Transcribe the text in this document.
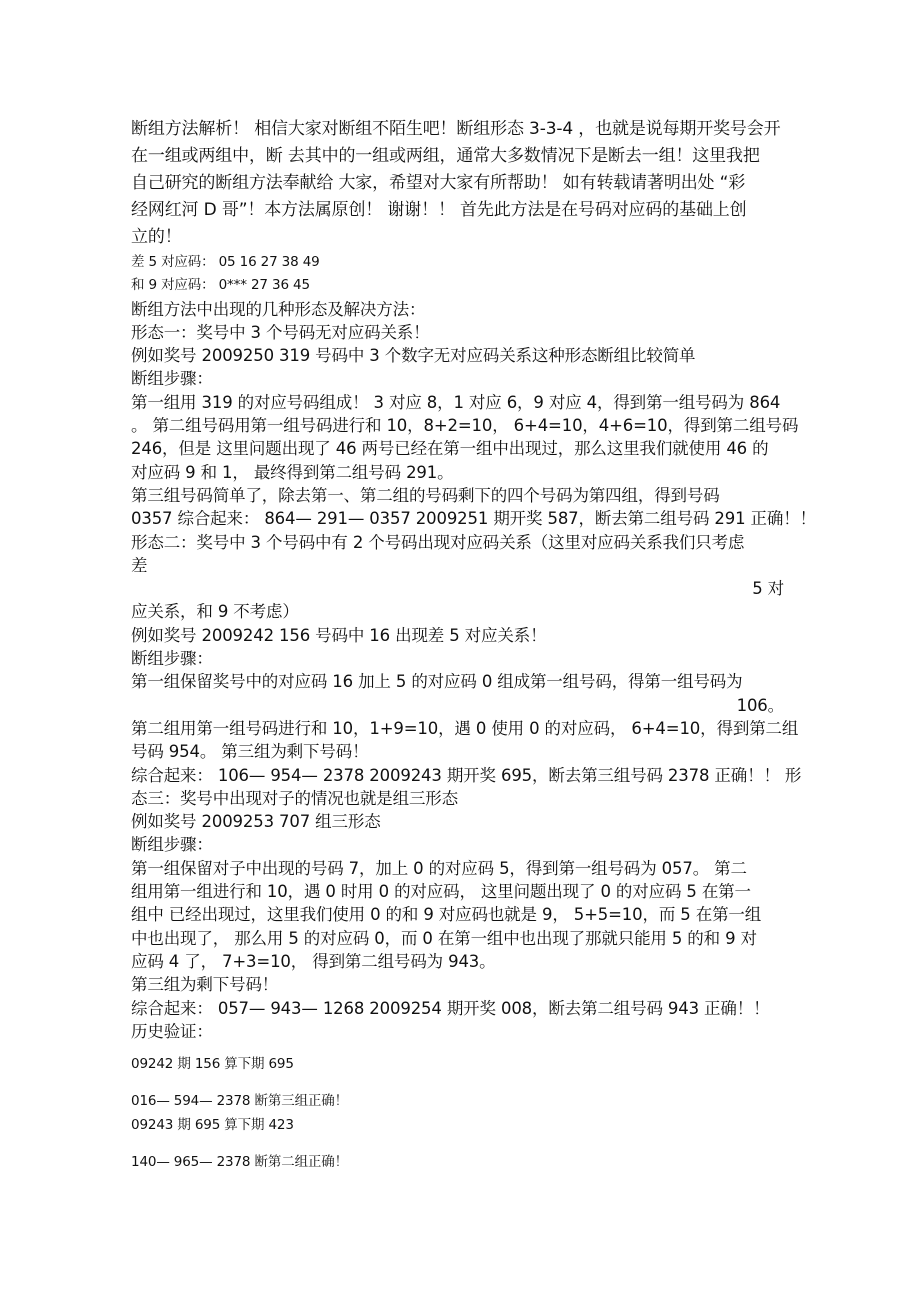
断组方法解析！ 相信大家对断组不陌生吧！断组形态 3-3-4 ，也就是说每期开奖号会开
在一组或两组中，断 去其中的一组或两组，通常大多数情况下是断去一组！这里我把
自己研究的断组方法奉献给 大家，希望对大家有所帮助！ 如有转载请著明出处 “彩
经网红河 D 哥”！本方法属原创！ 谢谢！！ 首先此方法是在号码对应码的基础上创
立的！
差 5 对应码： 05 16 27 38 49
和 9 对应码： 0*** 27 36 45
断组方法中出现的几种形态及解决方法：
形态一：奖号中 3 个号码无对应码关系！
例如奖号 2009250 319 号码中 3 个数字无对应码关系这种形态断组比较简单
断组步骤：
第一组用 319 的对应号码组成！ 3 对应 8，1 对应 6，9 对应 4，得到第一组号码为 864
。 第二组号码用第一组号码进行和 10，8+2=10， 6+4=10，4+6=10，得到第二组号码
246，但是 这里问题出现了 46 两号已经在第一组中出现过，那么这里我们就使用 46 的
对应码 9 和 1， 最终得到第二组号码 291。
第三组号码简单了，除去第一、第二组的号码剩下的四个号码为第四组，得到号码
0357 综合起来： 864— 291— 0357 2009251 期开奖 587，断去第二组号码 291 正确！！
形态二：奖号中 3 个号码中有 2 个号码出现对应码关系（这里对应码关系我们只考虑
差
5 对
应关系，和 9 不考虑）
例如奖号 2009242 156 号码中 16 出现差 5 对应关系！
断组步骤：
第一组保留奖号中的对应码 16 加上 5 的对应码 0 组成第一组号码，得第一组号码为
106。
第二组用第一组号码进行和 10，1+9=10，遇 0 使用 0 的对应码， 6+4=10，得到第二组
号码 954。 第三组为剩下号码！
综合起来： 106— 954— 2378 2009243 期开奖 695，断去第三组号码 2378 正确！！ 形
态三：奖号中出现对子的情况也就是组三形态
例如奖号 2009253 707 组三形态
断组步骤：
第一组保留对子中出现的号码 7，加上 0 的对应码 5，得到第一组号码为 057。 第二
组用第一组进行和 10，遇 0 时用 0 的对应码， 这里问题出现了 0 的对应码 5 在第一
组中 已经出现过，这里我们使用 0 的和 9 对应码也就是 9， 5+5=10，而 5 在第一组
中也出现了， 那么用 5 的对应码 0，而 0 在第一组中也出现了那就只能用 5 的和 9 对
应码 4 了， 7+3=10， 得到第二组号码为 943。
第三组为剩下号码！
综合起来： 057— 943— 1268 2009254 期开奖 008，断去第二组号码 943 正确！！
历史验证：
09242 期 156 算下期 695
016— 594— 2378 断第三组正确！
09243 期 695 算下期 423
140— 965— 2378 断第二组正确！
